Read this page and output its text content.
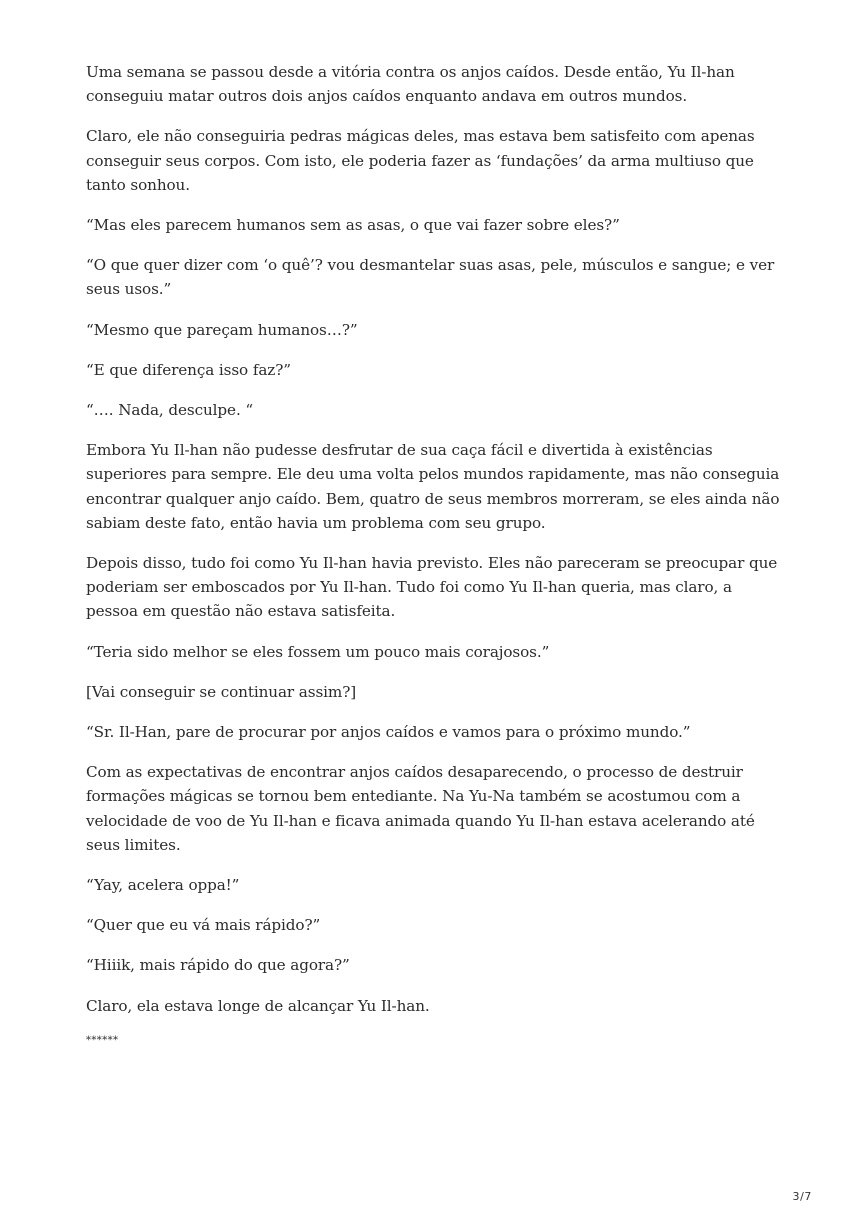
Uma semana se passou desde a vitória contra os anjos caídos. Desde então, Yu Il-han conseguiu matar outros dois anjos caídos enquanto andava em outros mundos.

Claro, ele não conseguiria pedras mágicas deles, mas estava bem satisfeito com apenas conseguir seus corpos. Com isto, ele poderia fazer as ‘fundações’ da arma multiuso que tanto sonhou.

“Mas eles parecem humanos sem as asas, o que vai fazer sobre eles?”

“O que quer dizer com ‘o quê’? vou desmantelar suas asas, pele, músculos e sangue; e ver seus usos.”

“Mesmo que pareçam humanos…?”

“E que diferença isso faz?”

“…. Nada, desculpe. “

Embora Yu Il-han não pudesse desfrutar de sua caça fácil e divertida à existências superiores para sempre. Ele deu uma volta pelos mundos rapidamente, mas não conseguia encontrar qualquer anjo caído. Bem, quatro de seus membros morreram, se eles ainda não sabiam deste fato, então havia um problema com seu grupo.

Depois disso, tudo foi como Yu Il-han havia previsto. Eles não pareceram se preocupar que poderiam ser emboscados por Yu Il-han. Tudo foi como Yu Il-han queria, mas claro, a pessoa em questão não estava satisfeita.

“Teria sido melhor se eles fossem um pouco mais corajosos.”

[Vai conseguir se continuar assim?]

“Sr. Il-Han, pare de procurar por anjos caídos e vamos para o próximo mundo.”

Com as expectativas de encontrar anjos caídos desaparecendo, o processo de destruir formações mágicas se tornou bem entediante. Na Yu-Na também se acostumou com a velocidade de voo de Yu Il-han e ficava animada quando Yu Il-han estava acelerando até seus limites.

“Yay, acelera oppa!”

“Quer que eu vá mais rápido?”

“Hiiik, mais rápido do que agora?”

Claro, ela estava longe de alcançar Yu Il-han.

******

3/7
